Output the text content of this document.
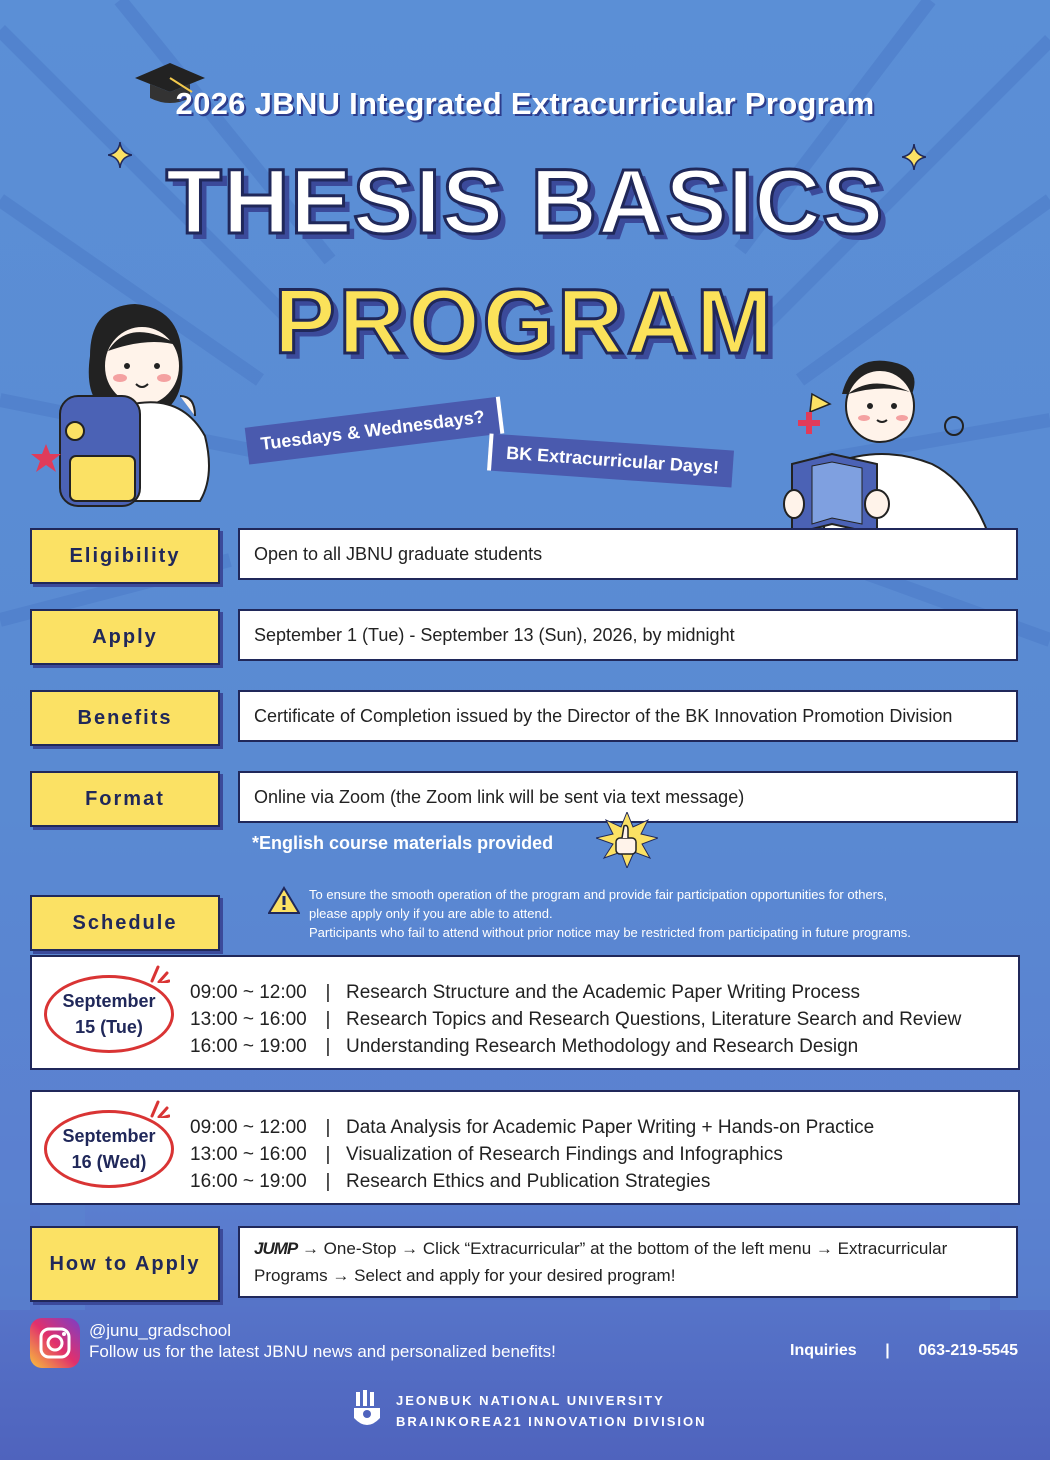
2026 JBNU Integrated Extracurricular Program
THESIS BASICS
PROGRAM
Tuesdays & Wednesdays?
BK Extracurricular Days!
Eligibility	Open to all JBNU graduate students
Apply	September 1 (Tue) - September 13 (Sun), 2026, by midnight
Benefits	Certificate of Completion issued by the Director of the BK Innovation Promotion Division
Format	Online via Zoom (the Zoom link will be sent via text message)
*English course materials provided
Schedule
To ensure the smooth operation of the program and provide fair participation opportunities for others,
please apply only if you are able to attend.
Participants who fail to attend without prior notice may be restricted from participating in future programs.
September
15 (Tue)
09:00 ~ 12:00 | Research Structure and the Academic Paper Writing Process
13:00 ~ 16:00 | Research Topics and Research Questions, Literature Search and Review
16:00 ~ 19:00 | Understanding Research Methodology and Research Design
September
16 (Wed)
09:00 ~ 12:00 | Data Analysis for Academic Paper Writing + Hands-on Practice
13:00 ~ 16:00 | Visualization of Research Findings and Infographics
16:00 ~ 19:00 | Research Ethics and Publication Strategies
How to Apply
JUMP → One-Stop → Click “Extracurricular” at the bottom of the left menu → Extracurricular
Programs → Select and apply for your desired program!
@junu_gradschool
Follow us for the latest JBNU news and personalized benefits!	Inquiries | 063-219-5545
JEONBUK NATIONAL UNIVERSITY
BRAINKOREA21 INNOVATION DIVISION
